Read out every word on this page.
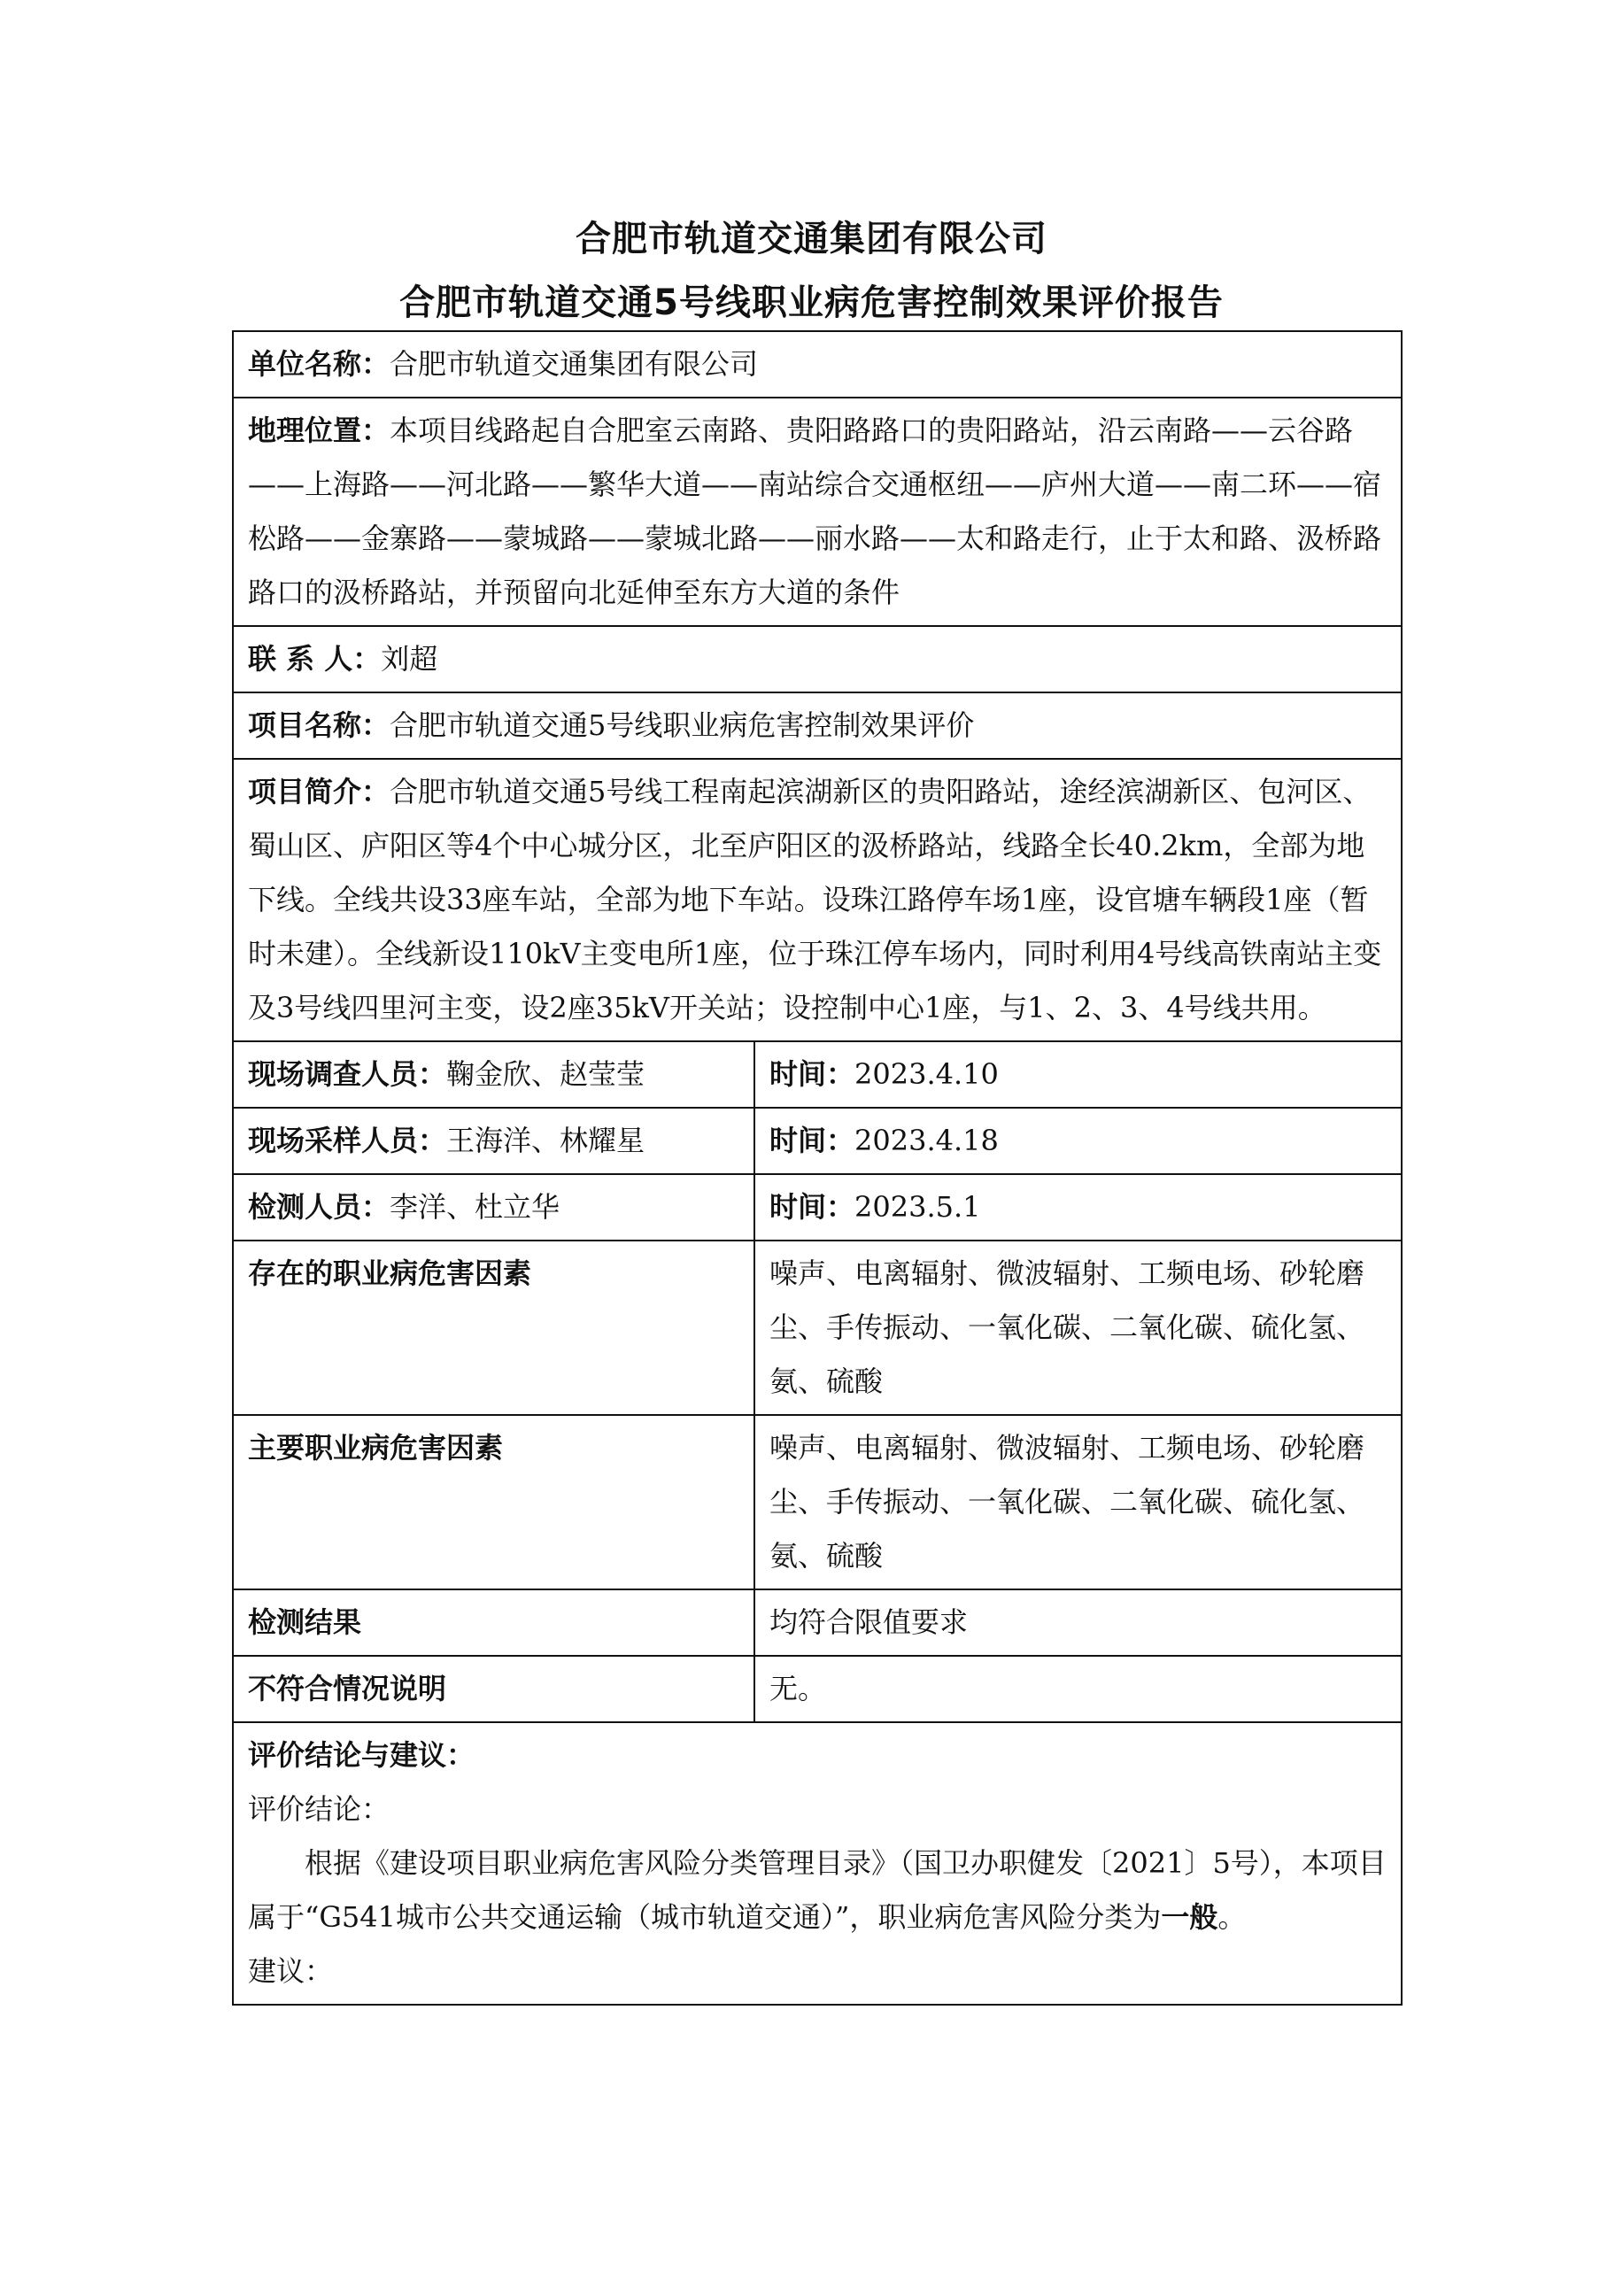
合肥市轨道交通集团有限公司
合肥市轨道交通5号线职业病危害控制效果评价报告
单位名称：合肥市轨道交通集团有限公司	
地理位置：本项目线路起自合肥室云南路、贵阳路路口的贵阳路站，沿云南路——云谷路——上海路——河北路——繁华大道——南站综合交通枢纽——庐州大道——南二环——宿松路——金寨路——蒙城路——蒙城北路——丽水路——太和路走行，止于太和路、汲桥路路口的汲桥路站，并预留向北延伸至东方大道的条件	
联 系 人：刘超	
项目名称：合肥市轨道交通5号线职业病危害控制效果评价	
项目简介：合肥市轨道交通5号线工程南起滨湖新区的贵阳路站，途经滨湖新区、包河区、蜀山区、庐阳区等4个中心城分区，北至庐阳区的汲桥路站，线路全长40.2km，全部为地下线。全线共设33座车站，全部为地下车站。设珠江路停车场1座，设官塘车辆段1座（暂时未建）。全线新设110kV主变电所1座，位于珠江停车场内，同时利用4号线高铁南站主变及3号线四里河主变，设2座35kV开关站；设控制中心1座，与1、2、3、4号线共用。	
现场调查人员：鞠金欣、赵莹莹	时间：2023.4.10
现场采样人员：王海洋、林耀星	时间：2023.4.18
检测人员：李洋、杜立华	时间：2023.5.1
存在的职业病危害因素	噪声、电离辐射、微波辐射、工频电场、砂轮磨尘、手传振动、一氧化碳、二氧化碳、硫化氢、氨、硫酸
主要职业病危害因素	噪声、电离辐射、微波辐射、工频电场、砂轮磨尘、手传振动、一氧化碳、二氧化碳、硫化氢、氨、硫酸
检测结果	均符合限值要求
不符合情况说明	无。

评价结论与建议：
评价结论：
根据《建设项目职业病危害风险分类管理目录》（国卫办职健发〔2021〕5号），本项目属于“G541城市公共交通运输（城市轨道交通）”，职业病危害风险分类为一般。
建议：	
